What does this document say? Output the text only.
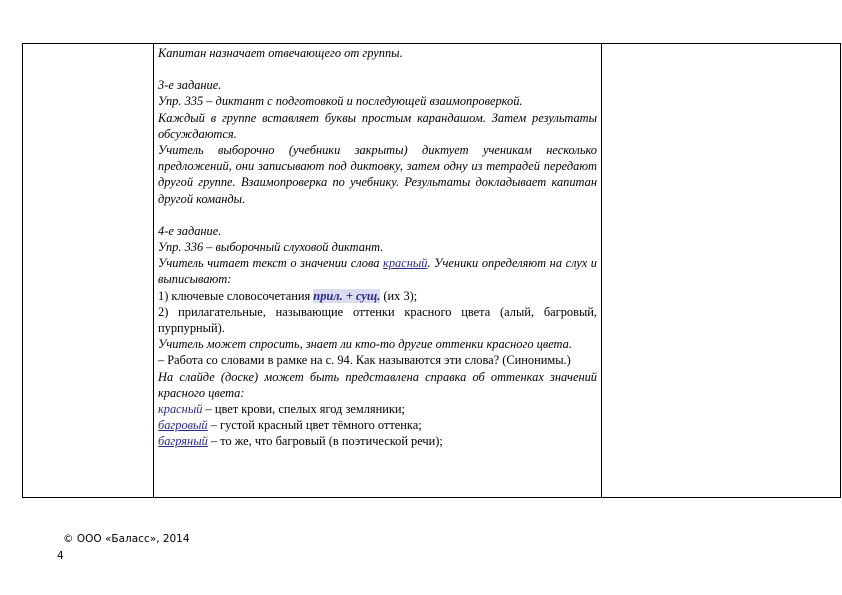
Капитан назначает отвечающего от группы.

3-е задание.

Упр. 335 – диктант с подготовкой и последующей взаимопроверкой.

Каждый в группе вставляет буквы простым карандашом. Затем результаты обсуждаются.

Учитель выборочно (учебники закрыты) диктует ученикам несколько предложений, они записывают под диктовку, затем одну из тетрадей передают другой группе. Взаимопроверка по учебнику. Результаты докладывает капитан другой команды.

4-е задание.

Упр. 336 – выборочный слуховой диктант.

Учитель читает текст о значении слова красный. Ученики определяют на слух и выписывают:

1) ключевые словосочетания прил. + сущ. (их 3);

2) прилагательные, называющие оттенки красного цвета (алый, багровый, пурпурный).

Учитель может спросить, знает ли кто-то другие оттенки красного цвета.

– Работа со словами в рамке на с. 94. Как называются эти слова? (Синонимы.)

На слайде (доске) может быть представлена справка об оттенках значений красного цвета:

красный – цвет крови, спелых ягод земляники;

багровый – густой красный цвет тёмного оттенка;

багряный – то же, что багровый (в поэтической речи);

© ООО «Баласс», 2014
4
